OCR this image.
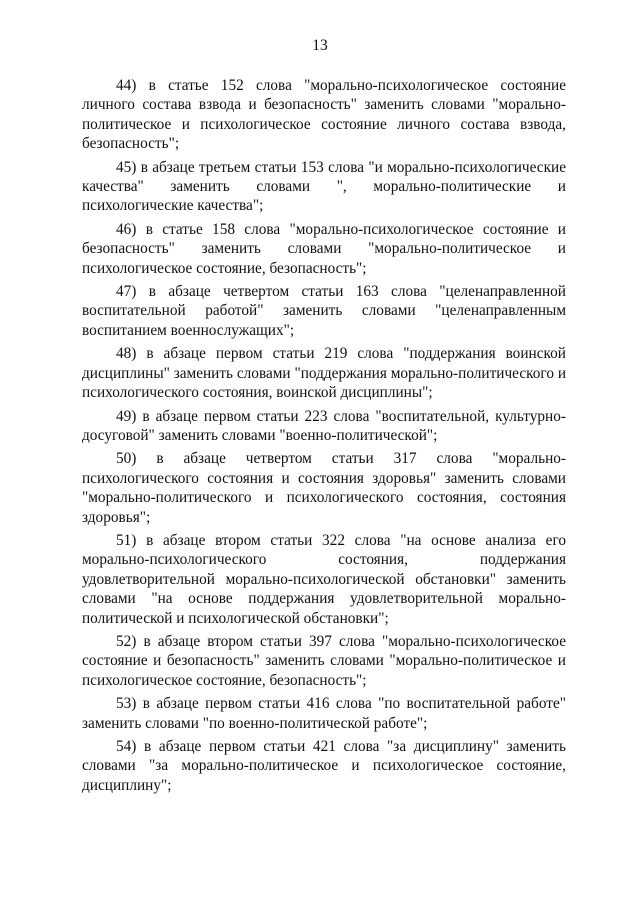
13

44) в статье 152 слова "морально-психологическое состояние личного состава взвода и безопасность" заменить словами "морально-политическое и психологическое состояние личного состава взвода, безопасность";

45) в абзаце третьем статьи 153 слова "и морально-психологические качества" заменить словами ", морально-политические и психологические качества";

46) в статье 158 слова "морально-психологическое состояние и безопасность" заменить словами "морально-политическое и психологическое состояние, безопасность";

47) в абзаце четвертом статьи 163 слова "целенаправленной воспитательной работой" заменить словами "целенаправленным воспитанием военнослужащих";

48) в абзаце первом статьи 219 слова "поддержания воинской дисциплины" заменить словами "поддержания морально-политического и психологического состояния, воинской дисциплины";

49) в абзаце первом статьи 223 слова "воспитательной, культурно-досуговой" заменить словами "военно-политической";

50) в абзаце четвертом статьи 317 слова "морально-психологического состояния и состояния здоровья" заменить словами "морально-политического и психологического состояния, состояния здоровья";

51) в абзаце втором статьи 322 слова "на основе анализа его морально-психологического состояния, поддержания удовлетворительной морально-психологической обстановки" заменить словами "на основе поддержания удовлетворительной морально-политической и психологической обстановки";

52) в абзаце втором статьи 397 слова "морально-психологическое состояние и безопасность" заменить словами "морально-политическое и психологическое состояние, безопасность";

53) в абзаце первом статьи 416 слова "по воспитательной работе" заменить словами "по военно-политической работе";

54) в абзаце первом статьи 421 слова "за дисциплину" заменить словами "за морально-политическое и психологическое состояние, дисциплину";
